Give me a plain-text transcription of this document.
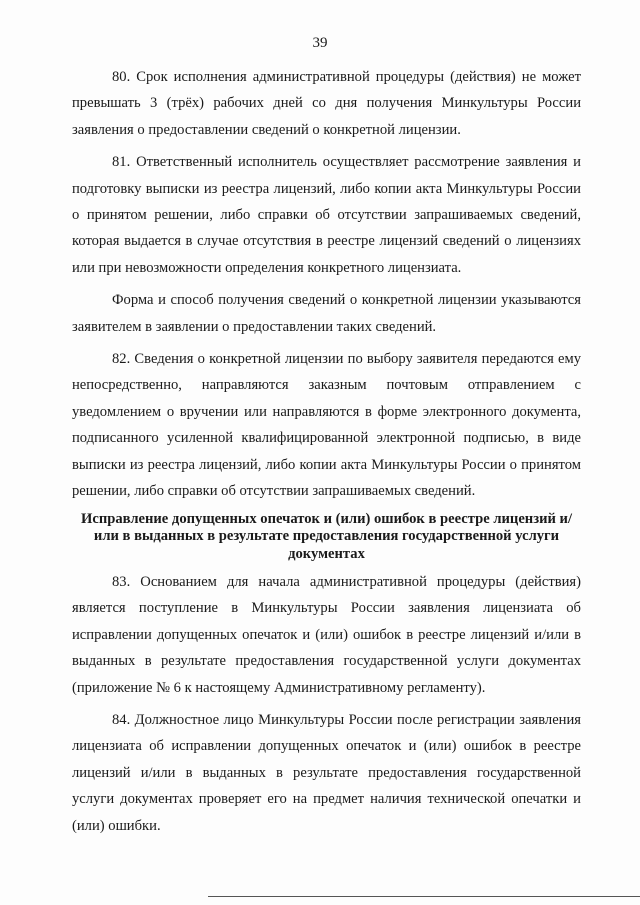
39

80. Срок исполнения административной процедуры (действия) не может превышать 3 (трёх) рабочих дней со дня получения Минкультуры России заявления о предоставлении сведений о конкретной лицензии.

81. Ответственный исполнитель осуществляет рассмотрение заявления и подготовку выписки из реестра лицензий, либо копии акта Минкультуры России о принятом решении, либо справки об отсутствии запрашиваемых сведений, которая выдается в случае отсутствия в реестре лицензий сведений о лицензиях или при невозможности определения конкретного лицензиата.

Форма и способ получения сведений о конкретной лицензии указываются заявителем в заявлении о предоставлении таких сведений.

82. Сведения о конкретной лицензии по выбору заявителя передаются ему непосредственно, направляются заказным почтовым отправлением с уведомлением о вручении или направляются в форме электронного документа, подписанного усиленной квалифицированной электронной подписью, в виде выписки из реестра лицензий, либо копии акта Минкультуры России о принятом решении, либо справки об отсутствии запрашиваемых сведений.

Исправление допущенных опечаток и (или) ошибок в реестре лицензий и/или в выданных в результате предоставления государственной услуги документах

83. Основанием для начала административной процедуры (действия) является поступление в Минкультуры России заявления лицензиата об исправлении допущенных опечаток и (или) ошибок в реестре лицензий и/или в выданных в результате предоставления государственной услуги документах (приложение № 6 к настоящему Административному регламенту).

84. Должностное лицо Минкультуры России после регистрации заявления лицензиата об исправлении допущенных опечаток и (или) ошибок в реестре лицензий и/или в выданных в результате предоставления государственной услуги документах проверяет его на предмет наличия технической опечатки и (или) ошибки.
